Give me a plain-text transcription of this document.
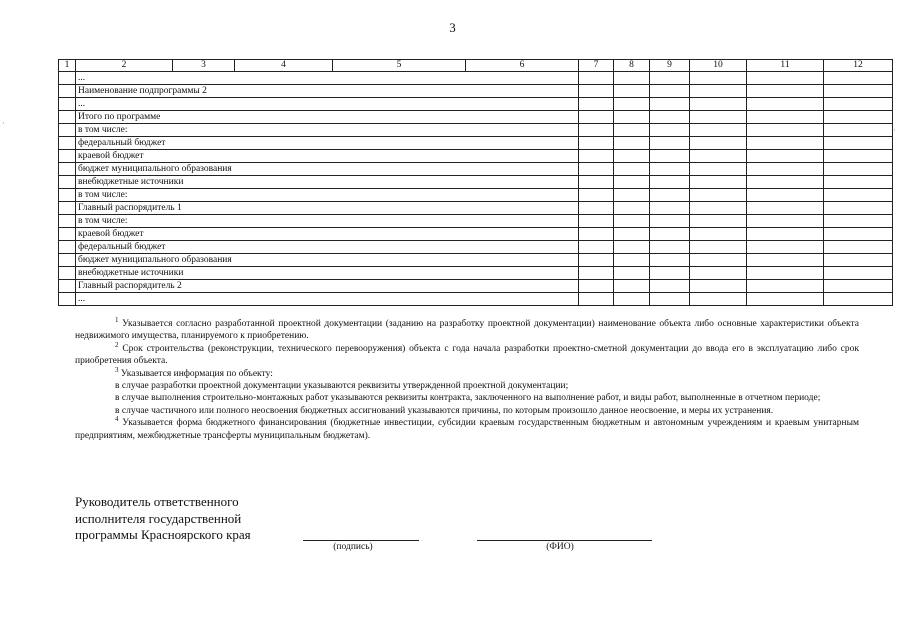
3
1	2	3	4	5	6	7	8	9	10	11	12
	...										
	Наименование подпрограммы 2										
	...										
	Итого по программе										
	в том числе:										
	федеральный бюджет										
	краевой бюджет										
	бюджет муниципального образования										
	внебюджетные источники										
	в том числе:										
	Главный распорядитель 1										
	в том числе:										
	краевой бюджет										
	федеральный бюджет										
	бюджет муниципального образования										
	внебюджетные источники										
	Главный распорядитель 2										
	...										

$^1$ Указывается согласно разработанной проектной документации (заданию на разработку проектной документации) наименование объекта либо основные характеристики объекта недвижимого имущества, планируемого к приобретению.

$^2$ Срок строительства (реконструкции, технического перевооружения) объекта с года начала разработки проектно-сметной документации до ввода его в эксплуатацию либо срок приобретения объекта.

$^3$ Указывается информация по объекту:

в случае разработки проектной документации указываются реквизиты утвержденной проектной документации;

в случае выполнения строительно-монтажных работ указываются реквизиты контракта, заключенного на выполнение работ, и виды работ, выполненные в отчетном периоде;

в случае частичного или полного неосвоения бюджетных ассигнований указываются причины, по которым произошло данное неосвоение, и меры их устранения.

$^4$ Указывается форма бюджетного финансирования (бюджетные инвестиции, субсидии краевым государственным бюджетным и автономным учреждениям и краевым унитарным предприятиям, межбюджетные трансферты муниципальным бюджетам).

Руководитель ответственного
исполнителя государственной
программы Красноярского края
(подпись)	(ФИО)
·
·
